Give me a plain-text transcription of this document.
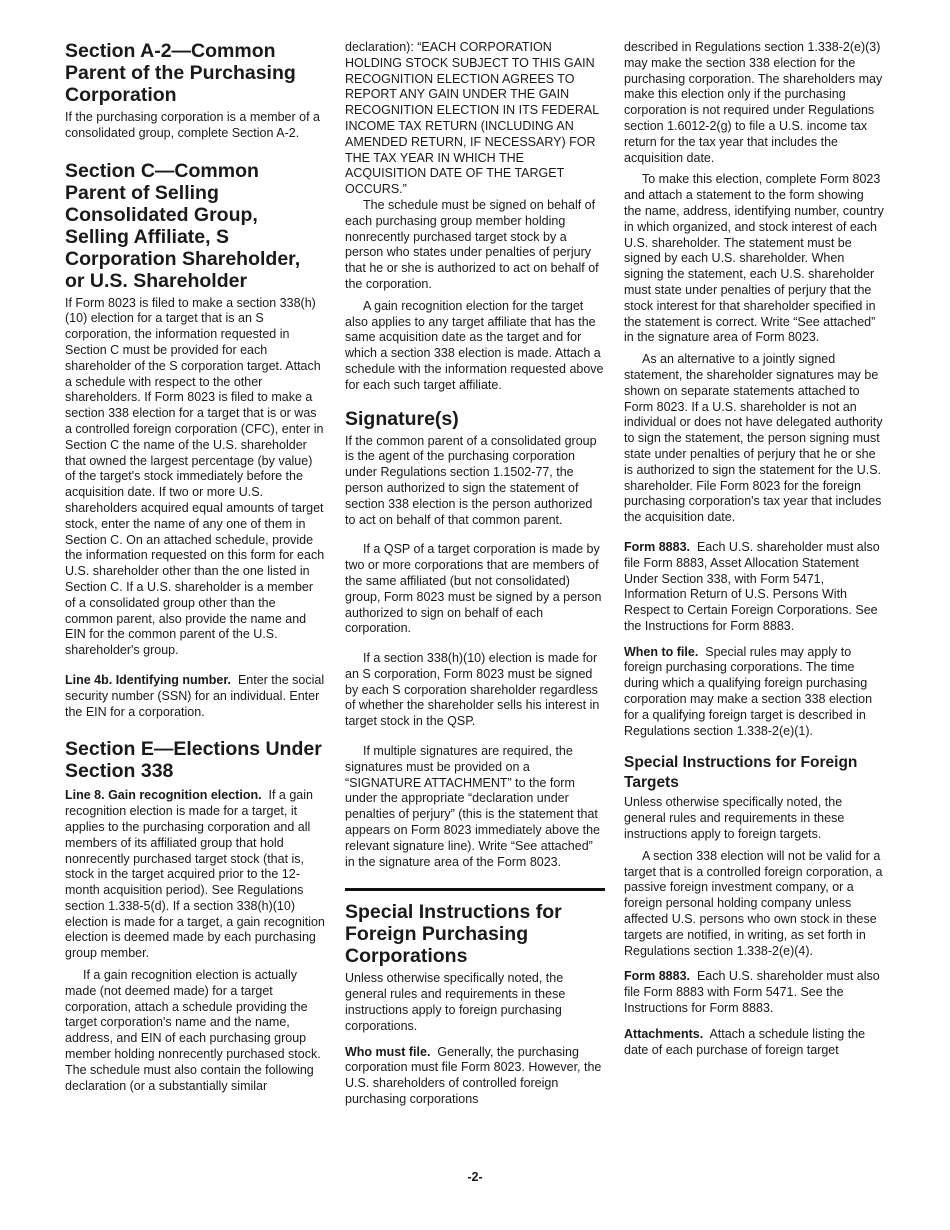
Section A-2—Common Parent of the Purchasing Corporation

If the purchasing corporation is a member of a consolidated group, complete Section A-2.

Section C—Common Parent of Selling Consolidated Group, Selling Affiliate, S Corporation Shareholder, or U.S. Shareholder

If Form 8023 is filed to make a section 338(h)(10) election for a target that is an S corporation, the information requested in Section C must be provided for each shareholder of the S corporation target. Attach a schedule with respect to the other shareholders. If Form 8023 is filed to make a section 338 election for a target that is or was a controlled foreign corporation (CFC), enter in Section C the name of the U.S. shareholder that owned the largest percentage (by value) of the target's stock immediately before the acquisition date. If two or more U.S. shareholders acquired equal amounts of target stock, enter the name of any one of them in Section C. On an attached schedule, provide the information requested on this form for each U.S. shareholder other than the one listed in Section C. If a U.S. shareholder is a member of a consolidated group other than the common parent, also provide the name and EIN for the common parent of the U.S. shareholder's group.

Line 4b. Identifying number. Enter the social security number (SSN) for an individual. Enter the EIN for a corporation.

Section E—Elections Under Section 338

Line 8. Gain recognition election. If a gain recognition election is made for a target, it applies to the purchasing corporation and all members of its affiliated group that hold nonrecently purchased target stock (that is, stock in the target acquired prior to the 12-month acquisition period). See Regulations section 1.338-5(d). If a section 338(h)(10) election is made for a target, a gain recognition election is deemed made by each purchasing group member.

If a gain recognition election is actually made (not deemed made) for a target corporation, attach a schedule providing the target corporation's name and the name, address, and EIN of each purchasing group member holding nonrecently purchased stock. The schedule must also contain the following declaration (or a substantially similar

declaration): “EACH CORPORATION HOLDING STOCK SUBJECT TO THIS GAIN RECOGNITION ELECTION AGREES TO REPORT ANY GAIN UNDER THE GAIN RECOGNITION ELECTION IN ITS FEDERAL INCOME TAX RETURN (INCLUDING AN AMENDED RETURN, IF NECESSARY) FOR THE TAX YEAR IN WHICH THE ACQUISITION DATE OF THE TARGET OCCURS.”

The schedule must be signed on behalf of each purchasing group member holding nonrecently purchased target stock by a person who states under penalties of perjury that he or she is authorized to act on behalf of the corporation.

A gain recognition election for the target also applies to any target affiliate that has the same acquisition date as the target and for which a section 338 election is made. Attach a schedule with the information requested above for each such target affiliate.

Signature(s)

If the common parent of a consolidated group is the agent of the purchasing corporation under Regulations section 1.1502-77, the person authorized to sign the statement of section 338 election is the person authorized to act on behalf of that common parent.

If a QSP of a target corporation is made by two or more corporations that are members of the same affiliated (but not consolidated) group, Form 8023 must be signed by a person authorized to sign on behalf of each corporation.

If a section 338(h)(10) election is made for an S corporation, Form 8023 must be signed by each S corporation shareholder regardless of whether the shareholder sells his interest in target stock in the QSP.

If multiple signatures are required, the signatures must be provided on a “SIGNATURE ATTACHMENT” to the form under the appropriate “declaration under penalties of perjury” (this is the statement that appears on Form 8023 immediately above the relevant signature line). Write “See attached” in the signature area of the Form 8023.

Special Instructions for Foreign Purchasing Corporations

Unless otherwise specifically noted, the general rules and requirements in these instructions apply to foreign purchasing corporations.

Who must file. Generally, the purchasing corporation must file Form 8023. However, the U.S. shareholders of controlled foreign purchasing corporations

described in Regulations section 1.338-2(e)(3) may make the section 338 election for the purchasing corporation. The shareholders may make this election only if the purchasing corporation is not required under Regulations section 1.6012-2(g) to file a U.S. income tax return for the tax year that includes the acquisition date.

To make this election, complete Form 8023 and attach a statement to the form showing the name, address, identifying number, country in which organized, and stock interest of each U.S. shareholder. The statement must be signed by each U.S. shareholder. When signing the statement, each U.S. shareholder must state under penalties of perjury that the stock interest for that shareholder specified in the statement is correct. Write “See attached” in the signature area of Form 8023.

As an alternative to a jointly signed statement, the shareholder signatures may be shown on separate statements attached to Form 8023. If a U.S. shareholder is not an individual or does not have delegated authority to sign the statement, the person signing must state under penalties of perjury that he or she is authorized to sign the statement for the U.S. shareholder. File Form 8023 for the foreign purchasing corporation's tax year that includes the acquisition date.

Form 8883. Each U.S. shareholder must also file Form 8883, Asset Allocation Statement Under Section 338, with Form 5471, Information Return of U.S. Persons With Respect to Certain Foreign Corporations. See the Instructions for Form 8883.

When to file. Special rules may apply to foreign purchasing corporations. The time during which a qualifying foreign purchasing corporation may make a section 338 election for a qualifying foreign target is described in Regulations section 1.338-2(e)(1).

Special Instructions for Foreign Targets

Unless otherwise specifically noted, the general rules and requirements in these instructions apply to foreign targets.

A section 338 election will not be valid for a target that is a controlled foreign corporation, a passive foreign investment company, or a foreign personal holding company unless affected U.S. persons who own stock in these targets are notified, in writing, as set forth in Regulations section 1.338-2(e)(4).

Form 8883. Each U.S. shareholder must also file Form 8883 with Form 5471. See the Instructions for Form 8883.

Attachments. Attach a schedule listing the date of each purchase of foreign target

-2-
